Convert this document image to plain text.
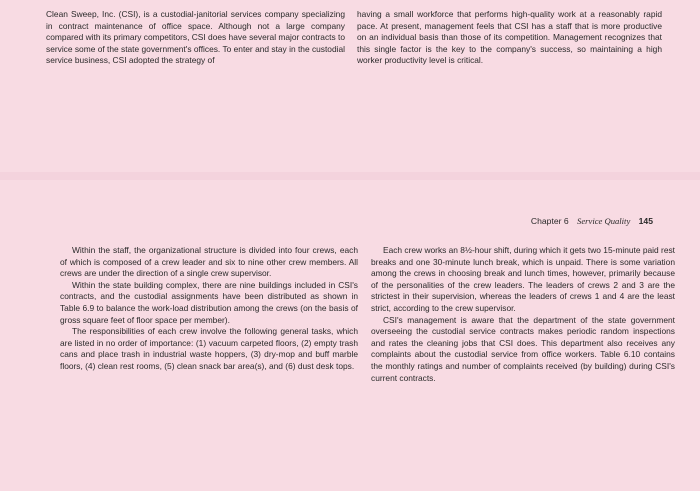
Clean Sweep, Inc. (CSI), is a custodial-janitorial services company specializing in contract maintenance of office space. Although not a large company compared with its primary competitors, CSI does have several major contracts to service some of the state government's offices. To enter and stay in the custodial service business, CSI adopted the strategy of

having a small workforce that performs high-quality work at a reasonably rapid pace. At present, management feels that CSI has a staff that is more productive on an individual basis than those of its competition. Management recognizes that this single factor is the key to the company's success, so maintaining a high worker productivity level is critical.

Chapter 6 Service Quality 145

Within the staff, the organizational structure is divided into four crews, each of which is composed of a crew leader and six to nine other crew members. All crews are under the direction of a single crew supervisor.

Within the state building complex, there are nine buildings included in CSI's contracts, and the custodial assignments have been distributed as shown in Table 6.9 to balance the work-load distribution among the crews (on the basis of gross square feet of floor space per member).

The responsibilities of each crew involve the following general tasks, which are listed in no order of importance: (1) vacuum carpeted floors, (2) empty trash cans and place trash in industrial waste hoppers, (3) dry-mop and buff marble floors, (4) clean rest rooms, (5) clean snack bar area(s), and (6) dust desk tops.

Each crew works an 8½-hour shift, during which it gets two 15-minute paid rest breaks and one 30-minute lunch break, which is unpaid. There is some variation among the crews in choosing break and lunch times, however, primarily because of the personalities of the crew leaders. The leaders of crews 2 and 3 are the strictest in their supervision, whereas the leaders of crews 1 and 4 are the least strict, according to the crew supervisor.

CSI's management is aware that the department of the state government overseeing the custodial service contracts makes periodic random inspections and rates the cleaning jobs that CSI does. This department also receives any complaints about the custodial service from office workers. Table 6.10 contains the monthly ratings and number of complaints received (by building) during CSI's current contracts.
